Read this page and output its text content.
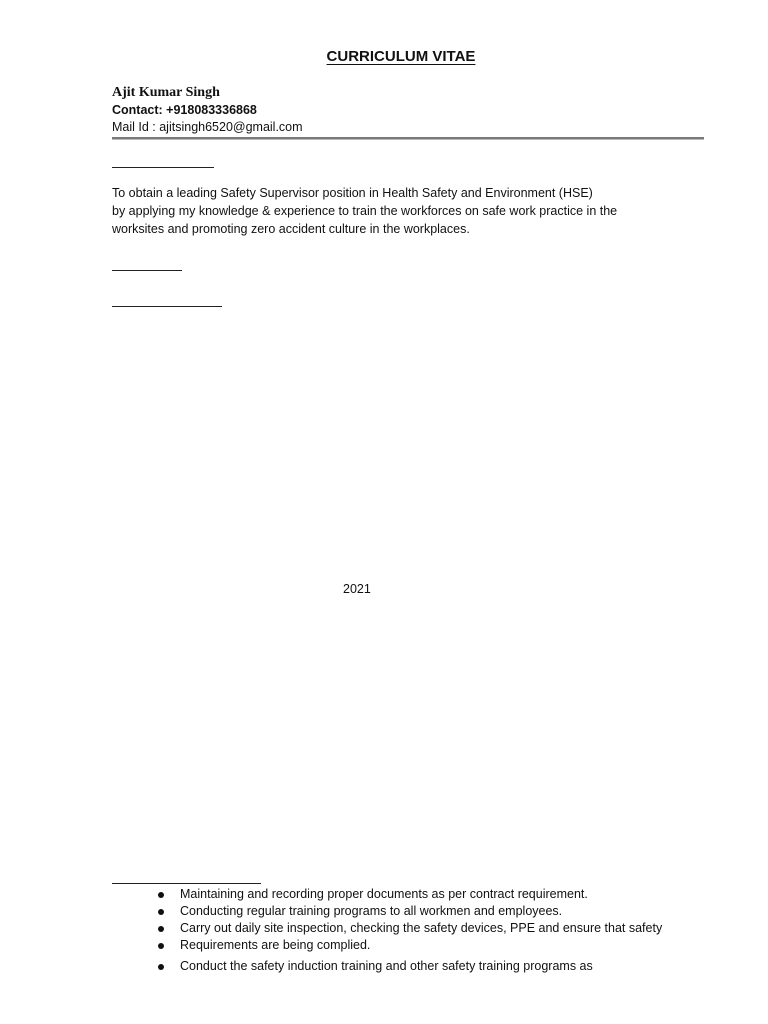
CURRICULUM VITAE
Ajit Kumar Singh
Contact: +918083336868
Mail Id : ajitsingh6520@gmail.com
To obtain a leading Safety Supervisor position in Health Safety and Environment (HSE)
by applying my knowledge & experience to train the workforces on safe work practice in the
worksites and promoting zero accident culture in the workplaces.
2021
Maintaining and recording proper documents as per contract requirement.
Conducting regular training programs to all workmen and employees.
Carry out daily site inspection, checking the safety devices, PPE and ensure that safety
Requirements are being complied.
Conduct the safety induction training and other safety training programs as
